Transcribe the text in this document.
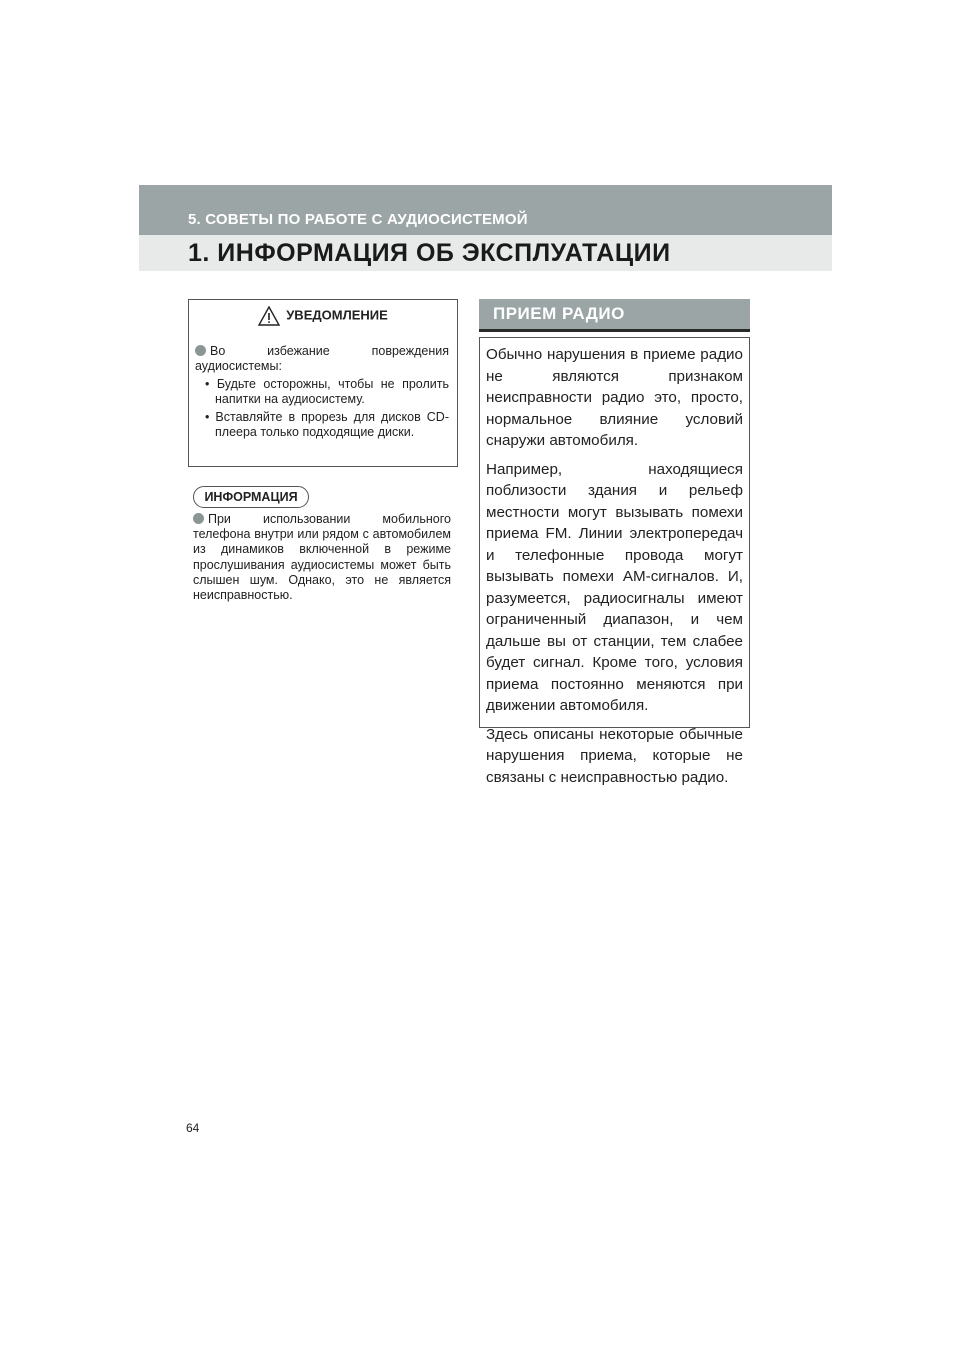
5. СОВЕТЫ ПО РАБОТЕ С АУДИОСИСТЕМОЙ
1. ИНФОРМАЦИЯ ОБ ЭКСПЛУАТАЦИИ
УВЕДОМЛЕНИЕ
Во избежание повреждения аудиосистемы:
• Будьте осторожны, чтобы не пролить напитки на аудиосистему.
• Вставляйте в прорезь для дисков CD-плеера только подходящие диски.
ИНФОРМАЦИЯ
При использовании мобильного телефона внутри или рядом с автомобилем из динамиков включенной в режиме прослушивания аудиосистемы может быть слышен шум. Однако, это не является неисправностью.
ПРИЕМ РАДИО

Обычно нарушения в приеме радио не являются признаком неисправности радио это, просто, нормальное влияние условий снаружи автомобиля.

Например, находящиеся поблизости здания и рельеф местности могут вызывать помехи приема FM. Линии электропередач и телефонные провода могут вызывать помехи AM-сигналов. И, разумеется, радиосигналы имеют ограниченный диапазон, и чем дальше вы от станции, тем слабее будет сигнал. Кроме того, условия приема постоянно меняются при движении автомобиля.

Здесь описаны некоторые обычные нарушения приема, которые не связаны с неисправностью радио.

64
